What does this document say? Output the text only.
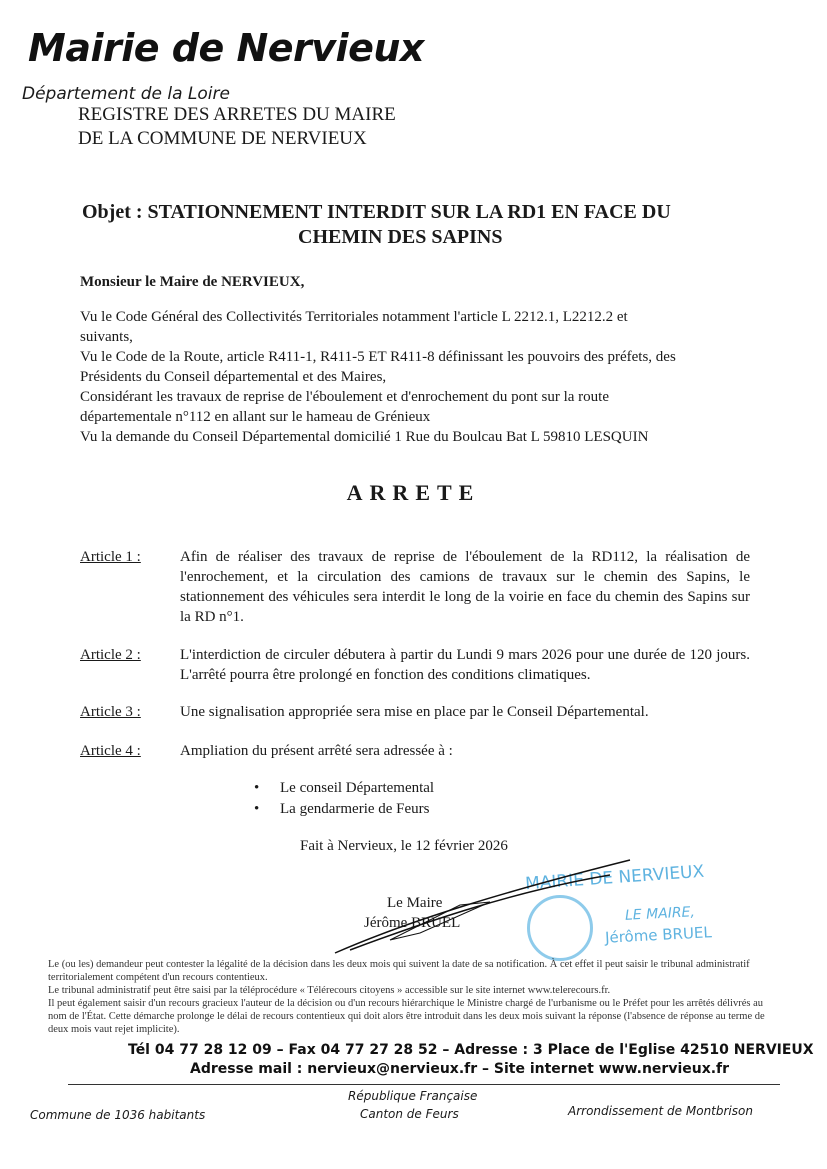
Mairie de Nervieux
Département de la Loire
REGISTRE DES ARRETES DU MAIRE
DE LA COMMUNE DE NERVIEUX
Objet : STATIONNEMENT INTERDIT SUR LA RD1 EN FACE DU
CHEMIN DES SAPINS
Monsieur le Maire de NERVIEUX,
Vu le Code Général des Collectivités Territoriales notamment l'article L 2212.1, L2212.2 et
suivants,
Vu le Code de la Route, article R411-1, R411-5 ET R411-8 définissant les pouvoirs des préfets, des
Présidents du Conseil départemental et des Maires,
Considérant les travaux de reprise de l'éboulement et d'enrochement du pont sur la route
départementale n°112 en allant sur le hameau de Grénieux
Vu la demande du Conseil Départemental domicilié 1 Rue du Boulcau Bat L 59810 LESQUIN
ARRETE
Article 1 :	Afin de réaliser des travaux de reprise de l'éboulement de la RD112, la réalisation de l'enrochement, et la circulation des camions de travaux sur le chemin des Sapins, le stationnement des véhicules sera interdit le long de la voirie en face du chemin des Sapins sur la RD n°1.
Article 2 :	L'interdiction de circuler débutera à partir du Lundi 9 mars 2026 pour une durée de 120 jours. L'arrêté pourra être prolongé en fonction des conditions climatiques.
Article 3 :	Une signalisation appropriée sera mise en place par le Conseil Départemental.
Article 4 :	Ampliation du présent arrêté sera adressée à :
• Le conseil Départemental
• La gendarmerie de Feurs
Fait à Nervieux, le 12 février 2026
Le Maire
Jérôme BRUEL
MAIRIE DE NERVIEUX
LE MAIRE,
Jérôme BRUEL
Le (ou les) demandeur peut contester la légalité de la décision dans les deux mois qui suivent la date de sa notification. À cet effet il peut saisir le tribunal administratif territorialement compétent d'un recours contentieux.
Le tribunal administratif peut être saisi par la téléprocédure « Télérecours citoyens » accessible sur le site internet www.telerecours.fr.
Il peut également saisir d'un recours gracieux l'auteur de la décision ou d'un recours hiérarchique le Ministre chargé de l'urbanisme ou le Préfet pour les arrêtés délivrés au nom de l'État. Cette démarche prolonge le délai de recours contentieux qui doit alors être introduit dans les deux mois suivant la réponse (l'absence de réponse au terme de deux mois vaut rejet implicite).
Tél 04 77 28 12 09 – Fax 04 77 27 28 52 – Adresse : 3 Place de l'Eglise 42510 NERVIEUX
Adresse mail : nervieux@nervieux.fr – Site internet www.nervieux.fr
Commune de 1036 habitants
République Française
Canton de Feurs	Arrondissement de Montbrison
